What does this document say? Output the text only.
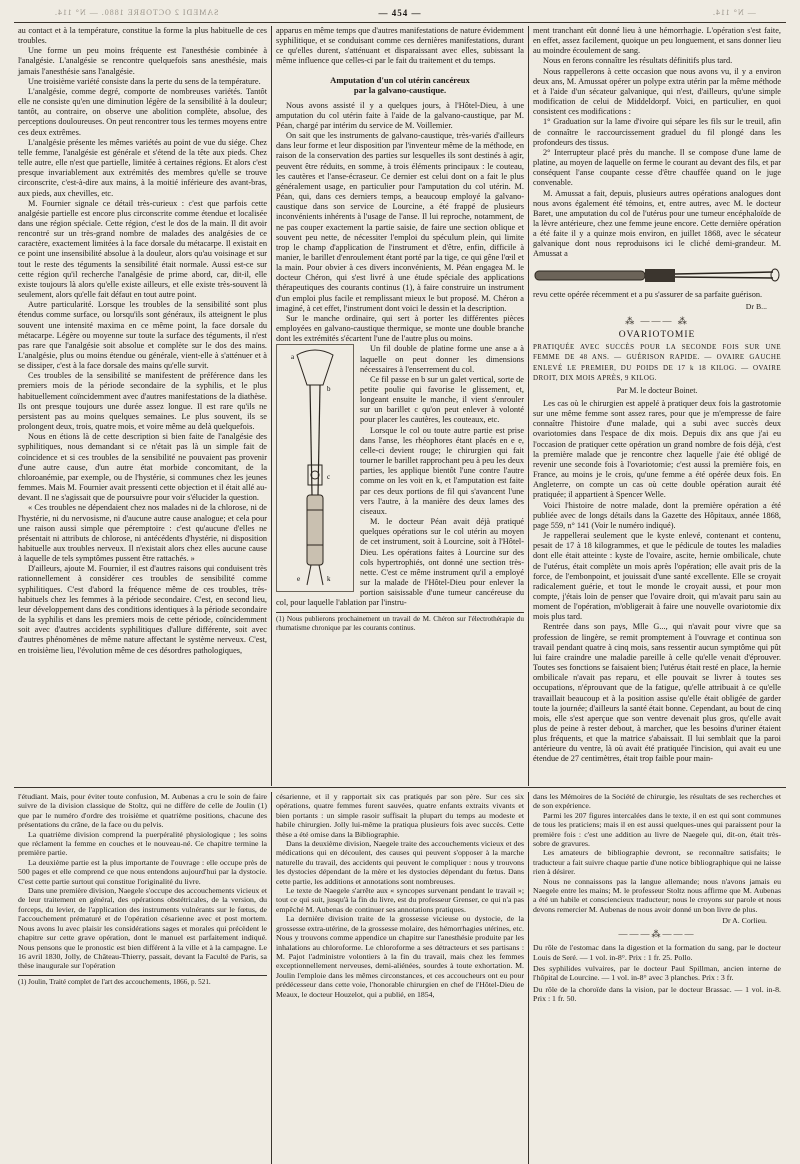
SAMEDI 2 OCTOBRE 1880. — N° 114.	— 454 —	— N° 114.

au contact et à la température, constitue la forme la plus habituelle de ces troubles.

Une forme un peu moins fréquente est l'anesthésie combinée à l'analgésie. L'analgésie se rencontre quelquefois sans anesthésie, mais jamais l'anesthésie sans l'analgésie.

Une troisième variété consiste dans la perte du sens de la température.

L'analgésie, comme degré, comporte de nombreuses variétés. Tantôt elle ne consiste qu'en une diminution légère de la sensibilité à la douleur; tantôt, au contraire, on observe une abolition complète, absolue, des perceptions douloureuses. On peut rencontrer tous les termes moyens entre ces deux extrêmes.

L'analgésie présente les mêmes variétés au point de vue du siége. Chez telle femme, l'analgésie est générale et s'étend de la tête aux pieds. Chez telle autre, elle n'est que partielle, limitée à certaines régions. Et alors c'est presque invariablement aux extrémités des membres qu'elle se trouve circonscrite, c'est-à-dire aux mains, à la moitié inférieure des avant-bras, aux pieds, aux chevilles, etc.

M. Fournier signale ce détail très-curieux : c'est que parfois cette analgésie partielle est encore plus circonscrite comme étendue et localisée dans une région spéciale. Cette région, c'est le dos de la main. Il dit avoir rencontré sur un très-grand nombre de malades des analgésies de ce caractère, exactement limitées à la face dorsale du métacarpe. Il existait en ce point une insensibilité absolue à la douleur, alors qu'au voisinage et sur tout le reste des téguments la sensibilité était normale. Aussi est-ce sur cette région qu'il recherche l'analgésie de prime abord, car, dit-il, elle existe toujours là alors qu'elle existe ailleurs, et elle existe très-souvent là seulement, alors qu'elle fait défaut en tout autre point.

Autre particularité. Lorsque les troubles de la sensibilité sont plus étendus comme surface, ou lorsqu'ils sont généraux, ils atteignent le plus souvent une intensité maxima en ce même point, la face dorsale du métacarpe. Légère ou moyenne sur toute la surface des téguments, il n'est pas rare que l'analgésie soit absolue et complète sur le dos des mains. L'analgésie, plus ou moins étendue ou générale, vient-elle à s'atténuer et à se dissiper, c'est à la face dorsale des mains qu'elle survit.

Ces troubles de la sensibilité se manifestent de préférence dans les premiers mois de la période secondaire de la syphilis, et le plus habituellement coïncidemment avec d'autres manifestations de la diathèse. Ils ont presque toujours une durée assez longue. Il est rare qu'ils ne persistent pas au moins quelques semaines. Le plus souvent, ils se prolongent deux, trois, quatre mois, et voire même au delà quelquefois.

Nous en étions là de cette description si bien faite de l'analgésie des syphilitiques, nous demandant si ce n'était pas là un simple fait de coïncidence et si ces troubles de la sensibilité ne pouvaient pas provenir d'une autre cause, d'un autre état morbide concomitant, de la chloroanémie, par exemple, ou de l'hystérie, si communes chez les jeunes femmes. Mais M. Fournier avait pressenti cette objection et il était allé au-devant. Il ne s'agissait que de poursuivre pour voir s'élucider la question.

« Ces troubles ne dépendaient chez nos malades ni de la chlorose, ni de l'hystérie, ni du nervosisme, ni d'aucune autre cause analogue; et cela pour une raison aussi simple que péremptoire : c'est qu'aucune d'elles ne présentait ni attributs de chlorose, ni antécédents d'hystérie, ni disposition habituelle aux troubles nerveux. Il n'existait alors chez elles aucune cause à laquelle de tels symptômes pussent être rattachés. »

D'ailleurs, ajoute M. Fournier, il est d'autres raisons qui conduisent très rationnellement à considérer ces troubles de sensibilité comme syphilitiques. C'est d'abord la fréquence même de ces troubles, très-habituels chez les femmes à la période secondaire. C'est, en second lieu, leur développement dans des conditions identiques à la période secondaire de la syphilis et dans les premiers mois de cette période, coïncidemment soit avec d'autres accidents syphilitiques d'allure différente, soit avec d'autres phénomènes de même nature affectant le système nerveux. C'est, en troisième lieu, l'évolution même de ces désordres pathologiques,

apparus en même temps que d'autres manifestations de nature évidemment syphilitique, et se conduisant comme ces dernières manifestations, durant ce qu'elles durent, s'atténuant et disparaissant avec elles, subissant la même influence que celles-ci par le fait du traitement et du temps.

Amputation d'un col utérin cancéreux
par la galvano-caustique.

Nous avons assisté il y a quelques jours, à l'Hôtel-Dieu, à une amputation du col utérin faite à l'aide de la galvano-caustique, par M. Péan, chargé par intérim du service de M. Voillemier.

On sait que les instruments de galvano-caustique, très-variés d'ailleurs dans leur forme et leur disposition par l'inventeur même de la méthode, en raison de la conservation des parties sur lesquelles ils sont destinés à agir, peuvent être réduits, en somme, à trois éléments principaux : le couteau, les cautères et l'anse-écraseur. Ce dernier est celui dont on a fait le plus généralement usage, en particulier pour l'amputation du col utérin. M. Péan, qui, dans ces derniers temps, a beaucoup employé la galvano-caustique dans son service de Lourcine, a été frappé de plusieurs inconvénients inhérents à l'usage de l'anse. Il lui reproche, notamment, de ne pas couper exactement la partie saisie, de faire une section oblique et souvent peu nette, de nécessiter l'emploi du spéculum plein, qui limite trop le champ d'application de l'instrument et d'être, enfin, difficile à manier, le barillet d'enroulement étant porté par la tige, ce qui gêne l'œil et la main. Pour obvier à ces divers inconvénients, M. Péan engagea M. le docteur Chéron, qui s'est livré à une étude spéciale des applications thérapeutiques des courants continus (1), à faire construire un instrument d'un emploi plus facile et remplissant mieux le but proposé. M. Chéron a imaginé, à cet effet, l'instrument dont voici le dessin et la description.

Sur le manche ordinaire, qui sert à porter les différentes pièces employées en galvano-caustique thermique, se monte une double branche dont les extrémités s'écartent l'une de l'autre plus ou moins.

a
b
c
e	k

Un fil double de platine forme une anse a à laquelle on peut donner les dimensions nécessaires à l'enserrement du col.

Ce fil passe en b sur un galet vertical, sorte de petite poulie qui favorise le glissement, et, longeant ensuite le manche, il vient s'enrouler sur un barillet c qu'on peut enlever à volonté pour placer les cautères, les couteaux, etc.

Lorsque le col ou toute autre partie est prise dans l'anse, les rhéophores étant placés en e e, celle-ci devient rouge; le chirurgien qui fait tourner le barillet rapprochant peu à peu les deux parties, les applique bientôt l'une contre l'autre comme on les voit en k, et l'amputation est faite par ces deux portions de fil qui s'avancent l'une vers l'autre, à la manière des deux lames des ciseaux.

M. le docteur Péan avait déjà pratiqué quelques opérations sur le col utérin au moyen de cet instrument, soit à Lourcine, soit à l'Hôtel-Dieu. Les opérations faites à Lourcine sur des cols hypertrophiés, ont donné une section très-nette. C'est ce même instrument qu'il a employé sur la malade de l'Hôtel-Dieu pour enlever la portion saisissable d'une tumeur cancéreuse du col, pour laquelle l'ablation par l'instru-

(1) Nous publierons prochainement un travail de M. Chéron sur l'électrothérapie du rhumatisme chronique par les courants continus.

ment tranchant eût donné lieu à une hémorrhagie. L'opération s'est faite, en effet, assez facilement, quoique un peu longuement, et sans donner lieu au moindre écoulement de sang.

Nous en ferons connaître les résultats définitifs plus tard.

Nous rappellerons à cette occasion que nous avons vu, il y a environ deux ans, M. Amussat opérer un polype extra utérin par la même méthode et à l'aide d'un sécateur galvanique, qui n'est, d'ailleurs, qu'une simple modification de celui de Middeldorpf. Voici, en particulier, en quoi consistent ces modifications :

1° Graduation sur la lame d'ivoire qui sépare les fils sur le treuil, afin de connaître le raccourcissement graduel du fil plongé dans les profondeurs des tissus.

2° Interrupteur placé près du manche. Il se compose d'une lame de platine, au moyen de laquelle on ferme le courant au devant des fils, et par conséquent l'anse coupante cesse d'être chauffée quand on le juge convenable.

M. Amussat a fait, depuis, plusieurs autres opérations analogues dont nous avons également été témoins, et, entre autres, avec M. le docteur Baret, une amputation du col de l'utérus pour une tumeur encéphaloïde de la lèvre antérieure, chez une femme jeune encore. Cette dernière opération a été faite il y a quinze mois environ, en juillet 1868, avec le sécateur galvanique dont nous reproduisons ici le cliché demi-grandeur. M. Amussat a

revu cette opérée récemment et a pu s'assurer de sa parfaite guérison.

Dr B...
⁂ ——— ⁂
OVARIOTOMIE
PRATIQUÉE AVEC SUCCÈS POUR LA SECONDE FOIS SUR UNE FEMME DE 48 ANS. — GUÉRISON RAPIDE. — OVAIRE GAUCHE ENLEVÉ LE PREMIER, DU POIDS DE 17 k 18 KILOG. — OVAIRE DROIT, DIX MOIS APRÈS, 9 KILOG.
Par M. le docteur Boinet.

Les cas où le chirurgien est appelé à pratiquer deux fois la gastrotomie sur une même femme sont assez rares, pour que je m'empresse de faire connaître l'histoire d'une malade, qui a subi avec succès deux ovariotomies dans l'espace de dix mois. Depuis dix ans que j'ai eu l'occasion de pratiquer cette opération un grand nombre de fois déjà, c'est la première malade que je rencontre chez laquelle j'aie été obligé de revenir une seconde fois à l'ovariotomie; c'est aussi la première fois, en France, au moins je le crois, qu'une femme a été opérée deux fois. En Angleterre, on compte un cas où cette double opération aurait été pratiquée; il appartient à Spencer Welle.

Voici l'histoire de notre malade, dont la première opération a été publiée avec de longs détails dans la Gazette des Hôpitaux, année 1868, page 559, n° 141 (Voir le numéro indiqué).

Je rappellerai seulement que le kyste enlevé, contenant et contenu, pesait de 17 à 18 kilogrammes, et que le pédicule de toutes les maladies dont elle était atteinte : kyste de l'ovaire, ascite, hernie ombilicale, chute de l'utérus, était complète un mois après l'opération; elle avait pris de la force, de l'embonpoint, et jouissait d'une santé excellente. Elle se croyait radicalement guérie, et tout le monde le croyait aussi, et pour mon compte, j'étais loin de penser que l'ovaire droit, qui m'avait paru sain au moment de l'opération, m'obligerait à faire une nouvelle ovariotomie dix mois plus tard.

Rentrée dans son pays, Mlle G..., qui n'avait pour vivre que sa profession de lingère, se remit promptement à l'ouvrage et continua son travail pendant quatre à cinq mois, sans ressentir aucun symptôme qui pût lui faire craindre une maladie pareille à celle qu'elle venait d'éprouver. Toutes ses fonctions se faisaient bien; l'utérus était resté en place, la hernie ombilicale n'avait pas reparu, et elle pouvait se livrer à toutes ses occupations, n'éprouvant que de la fatigue, qu'elle attribuait à ce qu'elle travaillait beaucoup et à la position assise qu'elle était obligée de garder toute la journée; d'ailleurs la santé était bonne. Cependant, au bout de cinq mois, elle s'est aperçue que son ventre devenait plus gros, qu'elle avait plus de peine à rester debout, à marcher, que les besoins d'uriner étaient plus fréquents, et que la matrice s'abaissait. Il lui semblait que la paroi antérieure du ventre, là où avait été pratiquée l'incision, qui avait eu une étendue de 27 centimètres, était trop faible pour main-

l'étudiant. Mais, pour éviter toute confusion, M. Aubenas a cru le soin de faire suivre de la division classique de Stoltz, qui ne diffère de celle de Joulin (1) que par le numéro d'ordre des troisième et quatrième positions, chacune des présentations du crâne, de la face ou du pelvis.

La quatrième division comprend la puerpéralité physiologique ; les soins que réclament la femme en couches et le nouveau-né. Ce chapitre termine la première partie.

La deuxième partie est la plus importante de l'ouvrage : elle occupe près de 500 pages et elle comprend ce que nous entendons aujourd'hui par la dystocie. C'est cette partie surtout qui constitue l'originalité du livre.

Dans une première division, Naegele s'occupe des accouchements vicieux et de leur traitement en général, des opérations obstétricales, de la version, du forceps, du levier, de l'application des instruments vulnérants sur le fœtus, de l'accouchement prématuré et de l'opération césarienne avec et post mortem. Nous avons lu avec plaisir les considérations sages et morales qui précèdent le chapitre sur cette grave opération, dont le manuel est parfaitement indiqué. Nous pensons que le pronostic est bien différent à la ville et à la campagne. Le 16 avril 1830, Jolly, de Château-Thierry, passait, devant la Faculté de Paris, sa thèse inaugurale sur l'opération

(1) Joulin, Traité complet de l'art des accouchements, 1866, p. 521.

césarienne, et il y rapportait six cas pratiqués par son père. Sur ces six opérations, quatre femmes furent sauvées, quatre enfants extraits vivants et bien portants : un simple rasoir suffisait la plupart du temps au modeste et habile chirurgien. Jolly lui-même la pratiqua plusieurs fois avec succès. Cette thèse a été omise dans la Bibliographie.

Dans la deuxième division, Naegele traite des accouchements vicieux et des médications qui en découlent, des causes qui peuvent s'opposer à la marche naturelle du travail, des accidents qui peuvent le compliquer : nous y trouvons les dystocies dépendant de la mère et les dystocies dépendant du fœtus. Dans cette partie, les additions et annotations sont nombreuses.

Le texte de Naegele s'arrête aux « syncopes survenant pendant le travail »; tout ce qui suit, jusqu'à la fin du livre, est du professeur Grenser, ce qui n'a pas empêché M. Aubenas de continuer ses annotations pratiques.

La dernière division traite de la grossesse vicieuse ou dystocie, de la grossesse extra-utérine, de la grossesse molaire, des hémorrhagies utérines, etc. Nous y trouvons comme appendice un chapitre sur l'anesthésie produite par les inhalations au chloroforme. Le chloroforme a ses détracteurs et ses partisans : M. Pajot l'administre volontiers à la fin du travail, mais chez les femmes exceptionnellement nerveuses, demi-aliénées, sourdes à toute exhortation. M. Joulin l'emploie dans les mêmes circonstances, et ces accoucheurs ont eu pour prédécesseur dans cette voie, l'honorable chirurgien en chef de l'Hôtel-Dieu de Meaux, le docteur Houzelot, qui a publié, en 1854,

dans les Mémoires de la Société de chirurgie, les résultats de ses recherches et de son expérience.

Parmi les 207 figures intercalées dans le texte, il en est qui sont communes de tous les praticiens; mais il en est aussi quelques-unes qui paraissent pour la première fois : c'est une addition au livre de Naegele qui, dit-on, était très-sobre de gravures.

Les amateurs de bibliographie devront, se reconnaître satisfaits; le traducteur a fait suivre chaque partie d'une notice bibliographique qui ne laisse rien à désirer.

Nous ne connaissons pas la langue allemande; nous n'avons jamais eu Naegele entre les mains; M. le professeur Stoltz nous affirme que M. Aubenas a été un habile et consciencieux traducteur; nous le croyons sur parole et nous devons remercier M. Aubenas de nous avoir donné un bon livre de plus.

Dr A. Corlieu.
———⁂———

Du rôle de l'estomac dans la digestion et la formation du sang, par le docteur Louis de Seré. — 1 vol. in-8°. Prix : 1 fr. 25. Pollo.

Des syphilides vulvaires, par le docteur Paul Spillman, ancien interne de l'hôpital de Lourcine. — 1 vol. in-8° avec 3 planches. Prix : 3 fr.

Du rôle de la choroïde dans la vision, par le docteur Brassac. — 1 vol. in-8. Prix : 1 fr. 50.
